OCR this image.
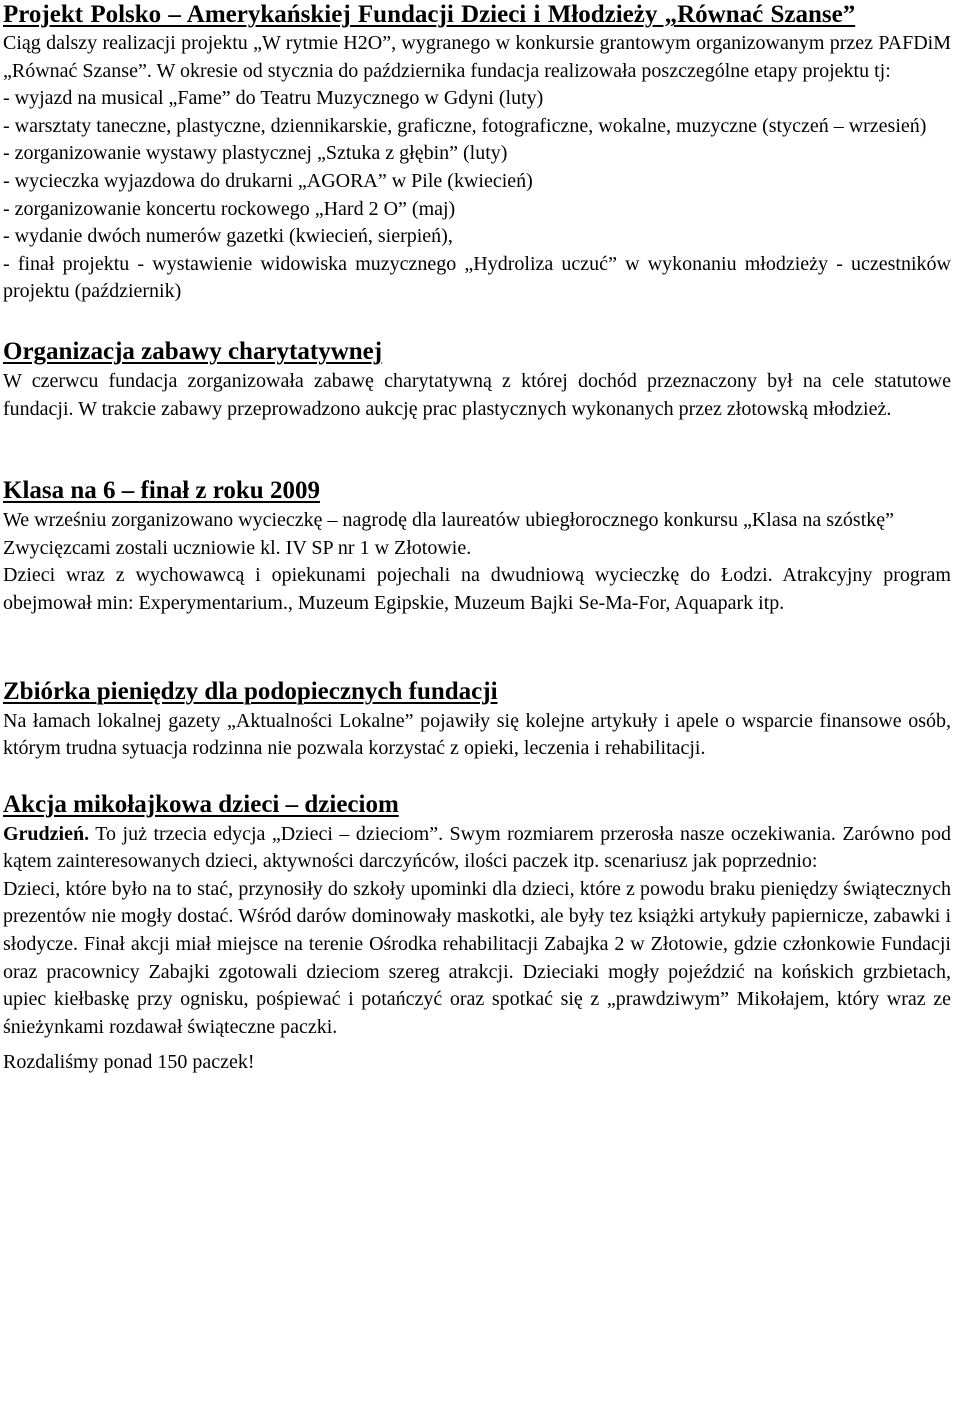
Projekt Polsko – Amerykańskiej Fundacji Dzieci i Młodzieży „Równać Szanse”

Ciąg dalszy realizacji projektu „W rytmie H2O”, wygranego w konkursie grantowym organizowanym przez PAFDiM „Równać Szanse”. W okresie od stycznia do października fundacja realizowała poszczególne etapy projektu tj:

- wyjazd na musical „Fame” do Teatru Muzycznego w Gdyni (luty)

- warsztaty taneczne, plastyczne, dziennikarskie, graficzne, fotograficzne, wokalne, muzyczne (styczeń – wrzesień)

- zorganizowanie wystawy plastycznej „Sztuka z głębin” (luty)
- wycieczka wyjazdowa do drukarni „AGORA” w Pile (kwiecień)
- zorganizowanie koncertu rockowego „Hard 2 O” (maj)
- wydanie dwóch numerów gazetki (kwiecień, sierpień),

- finał projektu - wystawienie widowiska muzycznego „Hydroliza uczuć” w wykonaniu młodzieży - uczestników projektu (październik)

Organizacja zabawy charytatywnej

W czerwcu fundacja zorganizowała zabawę charytatywną z której dochód przeznaczony był na cele statutowe fundacji. W trakcie zabawy przeprowadzono aukcję prac plastycznych wykonanych przez złotowską młodzież.

Klasa na 6 – finał z roku 2009

We wrześniu zorganizowano wycieczkę – nagrodę dla laureatów ubiegłorocznego konkursu „Klasa na szóstkę”

Zwycięzcami zostali uczniowie kl. IV SP nr 1 w Złotowie.

Dzieci wraz z wychowawcą i opiekunami pojechali na dwudniową wycieczkę do Łodzi. Atrakcyjny program obejmował min: Experymentarium., Muzeum Egipskie, Muzeum Bajki Se-Ma-For, Aquapark itp.

Zbiórka pieniędzy dla podopiecznych fundacji

Na łamach lokalnej gazety „Aktualności Lokalne” pojawiły się kolejne artykuły i apele o wsparcie finansowe osób, którym trudna sytuacja rodzinna nie pozwala korzystać z opieki, leczenia i rehabilitacji.

Akcja mikołajkowa dzieci – dzieciom

Grudzień. To już trzecia edycja „Dzieci – dzieciom”. Swym rozmiarem przerosła nasze oczekiwania. Zarówno pod kątem zainteresowanych dzieci, aktywności darczyńców, ilości paczek itp. scenariusz jak poprzednio:

Dzieci, które było na to stać, przynosiły do szkoły upominki dla dzieci, które z powodu braku pieniędzy świątecznych prezentów nie mogły dostać. Wśród darów dominowały maskotki, ale były tez książki artykuły papiernicze, zabawki i słodycze. Finał akcji miał miejsce na terenie Ośrodka rehabilitacji Zabajka 2 w Złotowie, gdzie członkowie Fundacji oraz pracownicy Zabajki zgotowali dzieciom szereg atrakcji. Dzieciaki mogły pojeździć na końskich grzbietach, upiec kiełbaskę przy ognisku, pośpiewać i potańczyć oraz spotkać się z „prawdziwym” Mikołajem, który wraz ze śnieżynkami rozdawał świąteczne paczki.

Rozdaliśmy ponad 150 paczek!
